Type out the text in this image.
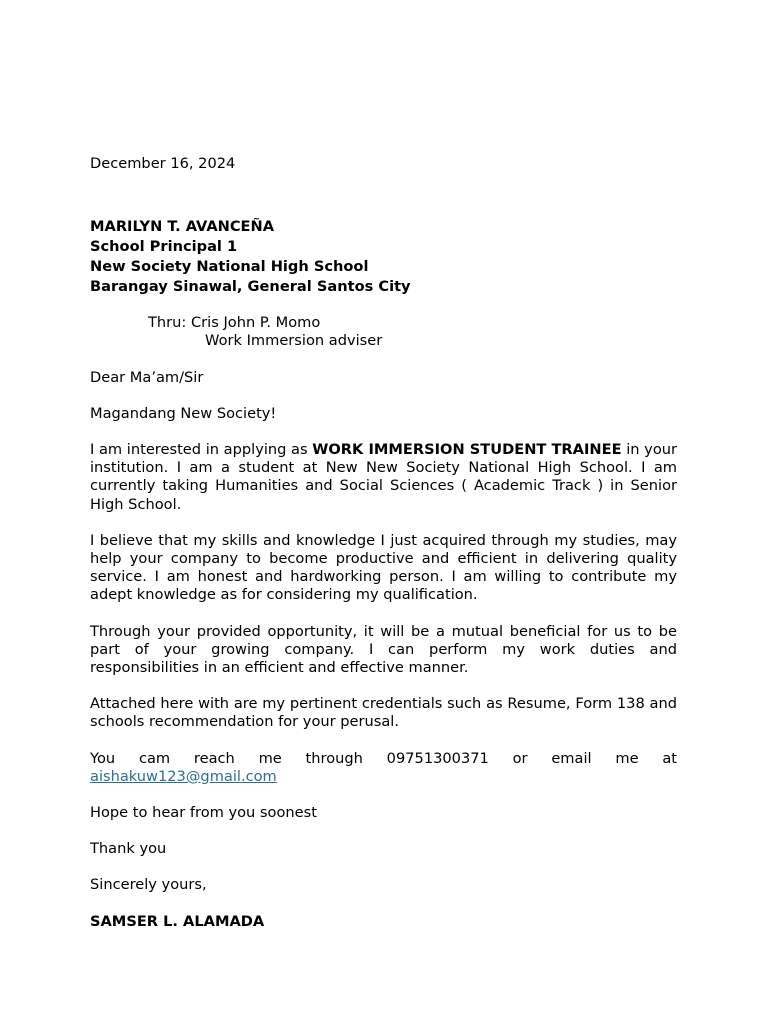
December 16, 2024

MARILYN T. AVANCEÑA

School Principal 1

New Society National High School

Barangay Sinawal, General Santos City

Thru: Cris John P. Momo

Work Immersion adviser

Dear Ma’am/Sir

Magandang New Society!

I am interested in applying as WORK IMMERSION STUDENT TRAINEE in your institution. I am a student at New New Society National High School. I am currently taking Humanities and Social Sciences ( Academic Track ) in Senior High School.

I believe that my skills and knowledge I just acquired through my studies, may help your company to become productive and efficient in delivering quality service. I am honest and hardworking person. I am willing to contribute my adept knowledge as for considering my qualification.

Through your provided opportunity, it will be a mutual beneficial for us to be part of your growing company. I can perform my work duties and responsibilities in an efficient and effective manner.

Attached here with are my pertinent credentials such as Resume, Form 138 and schools recommendation for your perusal.

You cam reach me through 09751300371 or email me at

aishakuw123@gmail.com

Hope to hear from you soonest

Thank you

Sincerely yours,

SAMSER L. ALAMADA
